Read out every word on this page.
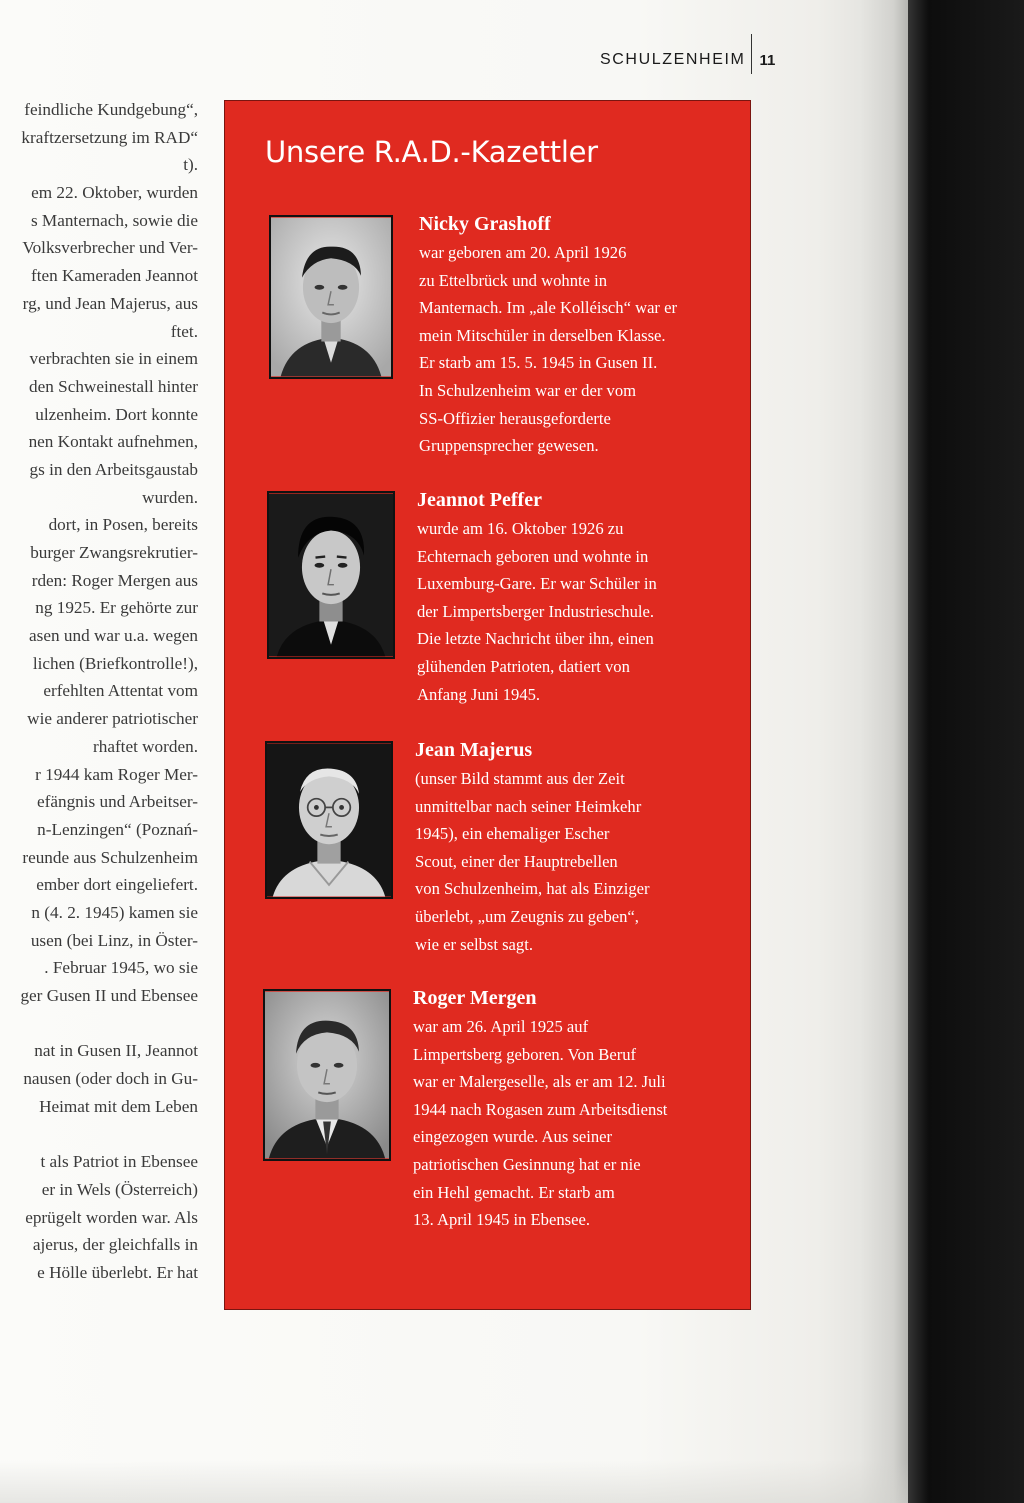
SCHULZENHEIM 11
feindliche Kundgebung“,
kraftzersetzung im RAD“
t).
em 22. Oktober, wurden
s Manternach, sowie die
Volksverbrecher und Ver-
ften Kameraden Jeannot
rg, und Jean Majerus, aus
ftet.
verbrachten sie in einem
den Schweinestall hinter
ulzenheim. Dort konnte
nen Kontakt aufnehmen,
gs in den Arbeitsgaustab
wurden.
dort, in Posen, bereits
burger Zwangsrekrutier-
rden: Roger Mergen aus
ng 1925. Er gehörte zur
asen und war u.a. wegen
lichen (Briefkontrolle!),
erfehlten Attentat vom
wie anderer patriotischer
rhaftet worden.
r 1944 kam Roger Mer-
efängnis und Arbeitser-
n-Lenzingen“ (Poznań-
reunde aus Schulzenheim
ember dort eingeliefert.
n (4. 2. 1945) kamen sie
usen (bei Linz, in Öster-
. Februar 1945, wo sie
ger Gusen II und Ebensee
nat in Gusen II, Jeannot
nausen (oder doch in Gu-
Heimat mit dem Leben
t als Patriot in Ebensee
er in Wels (Österreich)
eprügelt worden war. Als
ajerus, der gleichfalls in
e Hölle überlebt. Er hat
Unsere R.A.D.-Kazettler
Nicky Grashoff
war geboren am 20. April 1926
zu Ettelbrück und wohnte in
Manternach. Im „ale Kolléisch“ war er
mein Mitschüler in derselben Klasse.
Er starb am 15. 5. 1945 in Gusen II.
In Schulzenheim war er der vom
SS-Offizier herausgeforderte
Gruppensprecher gewesen.
Jeannot Peffer
wurde am 16. Oktober 1926 zu
Echternach geboren und wohnte in
Luxemburg-Gare. Er war Schüler in
der Limpertsberger Industrieschule.
Die letzte Nachricht über ihn, einen
glühenden Patrioten, datiert von
Anfang Juni 1945.
Jean Majerus
(unser Bild stammt aus der Zeit
unmittelbar nach seiner Heimkehr
1945), ein ehemaliger Escher
Scout, einer der Hauptrebellen
von Schulzenheim, hat als Einziger
überlebt, „um Zeugnis zu geben“,
wie er selbst sagt.
Roger Mergen
war am 26. April 1925 auf
Limpertsberg geboren. Von Beruf
war er Malergeselle, als er am 12. Juli
1944 nach Rogasen zum Arbeitsdienst
eingezogen wurde. Aus seiner
patriotischen Gesinnung hat er nie
ein Hehl gemacht. Er starb am
13. April 1945 in Ebensee.
